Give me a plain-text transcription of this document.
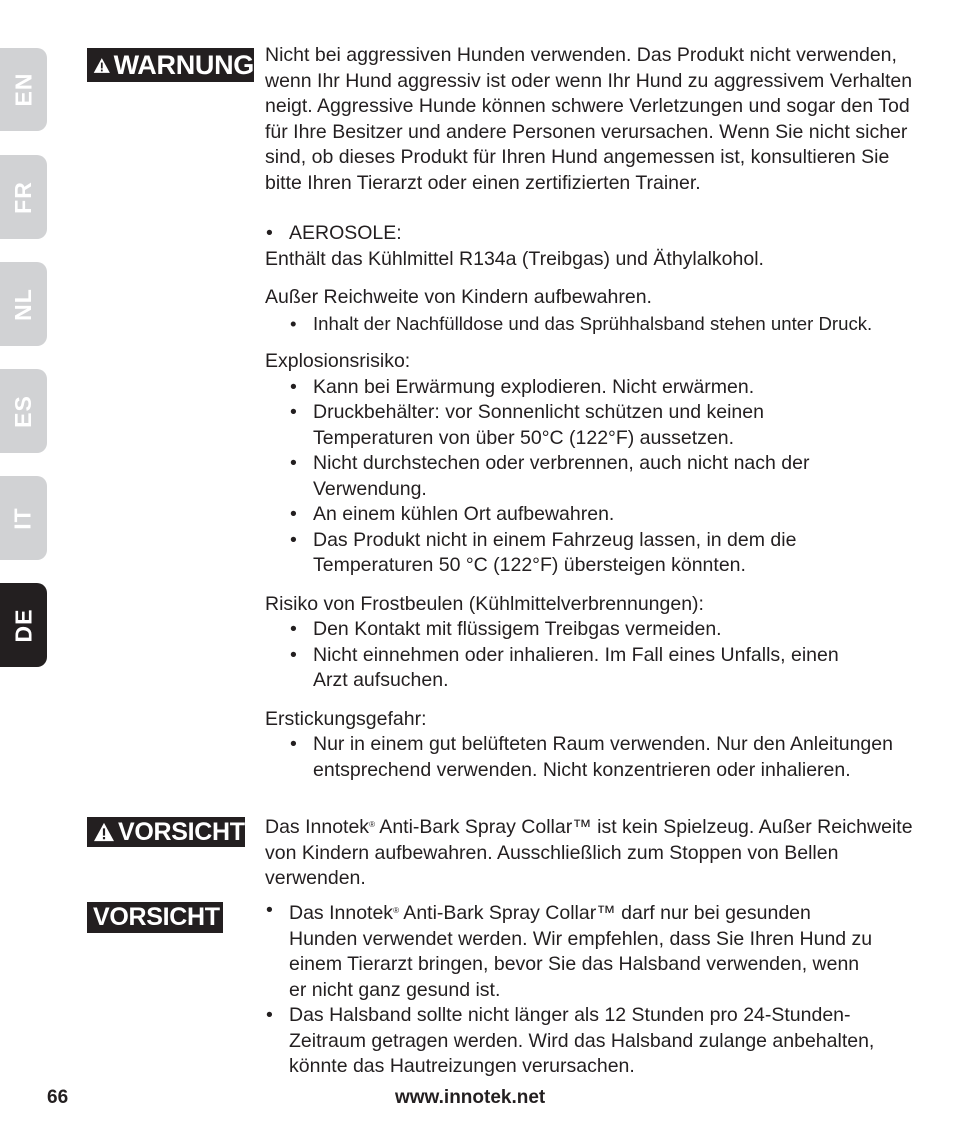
EN
FR
NL
ES
IT
DE
WARNUNG Nicht bei aggressiven Hunden verwenden. Das Produkt nicht verwenden, wenn Ihr Hund aggressiv ist oder wenn Ihr Hund zu aggressivem Verhalten neigt. Aggressive Hunde können schwere Verletzungen und sogar den Tod für Ihre Besitzer und andere Personen verursachen. Wenn Sie nicht sicher sind, ob dieses Produkt für Ihren Hund angemessen ist, konsultieren Sie bitte Ihren Tierarzt oder einen zertifizierten Trainer.

• AEROSOLE:

Enthält das Kühlmittel R134a (Treibgas) und Äthylalkohol.

Außer Reichweite von Kindern aufbewahren.

• Inhalt der Nachfülldose und das Sprühhalsband stehen unter Druck.

Explosionsrisiko:

• Kann bei Erwärmung explodieren. Nicht erwärmen.

• Druckbehälter: vor Sonnenlicht schützen und keinen Temperaturen von über 50°C (122°F) aussetzen.

• Nicht durchstechen oder verbrennen, auch nicht nach der Verwendung.

• An einem kühlen Ort aufbewahren.

• Das Produkt nicht in einem Fahrzeug lassen, in dem die Temperaturen 50 °C (122°F) übersteigen könnten.

Risiko von Frostbeulen (Kühlmittelverbrennungen):

• Den Kontakt mit flüssigem Treibgas vermeiden.

• Nicht einnehmen oder inhalieren. Im Fall eines Unfalls, einen Arzt aufsuchen.

Erstickungsgefahr:

• Nur in einem gut belüfteten Raum verwenden. Nur den Anleitungen entsprechend verwenden. Nicht konzentrieren oder inhalieren.

VORSICHT Das Innotek® Anti-Bark Spray Collar™ ist kein Spielzeug. Außer Reichweite von Kindern aufbewahren. Ausschließlich zum Stoppen von Bellen verwenden.
VORSICHT

•	Das Innotek® Anti-Bark Spray Collar™ darf nur bei gesunden Hunden verwendet werden. Wir empfehlen, dass Sie Ihren Hund zu einem Tierarzt bringen, bevor Sie das Halsband verwenden, wenn er nicht ganz gesund ist.

• Das Halsband sollte nicht länger als 12 Stunden pro 24-Stunden-Zeitraum getragen werden. Wird das Halsband zulange anbehalten, könnte das Hautreizungen verursachen.

66	www.innotek.net
